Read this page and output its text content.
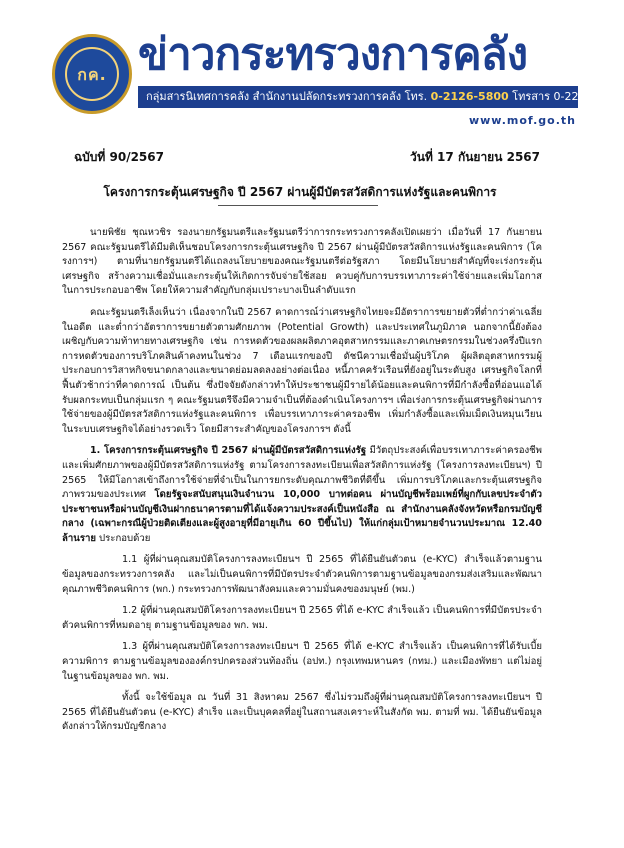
กค. ข่าวกระทรวงการคลัง
กลุ่มสารนิเทศการคลัง สำนักงานปลัดกระทรวงการคลัง โทร. 0-2126-5800 โทรสาร 0-2273-9763
www.mof.go.th
ฉบับที่ 90/2567	วันที่ 17 กันยายน 2567
โครงการกระตุ้นเศรษฐกิจ ปี 2567 ผ่านผู้มีบัตรสวัสดิการแห่งรัฐและคนพิการ

นายพิชัย ชุณหวชิร รองนายกรัฐมนตรีและรัฐมนตรีว่าการกระทรวงการคลังเปิดเผยว่า เมื่อวันที่ 17 กันยายน 2567 คณะรัฐมนตรีได้มีมติเห็นชอบโครงการกระตุ้นเศรษฐกิจ ปี 2567 ผ่านผู้มีบัตรสวัสดิการแห่งรัฐและคนพิการ (โครงการฯ) ตามที่นายกรัฐมนตรีได้แถลงนโยบายของคณะรัฐมนตรีต่อรัฐสภา โดยมีนโยบายสำคัญที่จะเร่งกระตุ้นเศรษฐกิจ สร้างความเชื่อมั่นและกระตุ้นให้เกิดการจับจ่ายใช้สอย ควบคู่กับการบรรเทาภาระค่าใช้จ่ายและเพิ่มโอกาสในการประกอบอาชีพ โดยให้ความสำคัญกับกลุ่มเปราะบางเป็นลำดับแรก

คณะรัฐมนตรีเล็งเห็นว่า เนื่องจากในปี 2567 คาดการณ์ว่าเศรษฐกิจไทยจะมีอัตราการขยายตัวที่ต่ำกว่าค่าเฉลี่ยในอดีต และต่ำกว่าอัตราการขยายตัวตามศักยภาพ (Potential Growth) และประเทศในภูมิภาค นอกจากนี้ยังต้องเผชิญกับความท้าทายทางเศรษฐกิจ เช่น การหดตัวของผลผลิตภาคอุตสาหกรรมและภาคเกษตรกรรมในช่วงครึ่งปีแรก การหดตัวของการบริโภคสินค้าคงทนในช่วง 7 เดือนแรกของปี ดัชนีความเชื่อมั่นผู้บริโภค ผู้ผลิตอุตสาหกรรมผู้ประกอบการวิสาหกิจขนาดกลางและขนาดย่อมลดลงอย่างต่อเนื่อง หนี้ภาคครัวเรือนที่ยังอยู่ในระดับสูง เศรษฐกิจโลกที่ฟื้นตัวช้ากว่าที่คาดการณ์ เป็นต้น ซึ่งปัจจัยดังกล่าวทำให้ประชาชนผู้มีรายได้น้อยและคนพิการที่มีกำลังซื้อที่อ่อนแอได้รับผลกระทบเป็นกลุ่มแรก ๆ คณะรัฐมนตรีจึงมีความจำเป็นที่ต้องดำเนินโครงการฯ เพื่อเร่งการกระตุ้นเศรษฐกิจผ่านการใช้จ่ายของผู้มีบัตรสวัสดิการแห่งรัฐและคนพิการ เพื่อบรรเทาภาระค่าครองชีพ เพิ่มกำลังซื้อและเพิ่มเม็ดเงินหมุนเวียนในระบบเศรษฐกิจได้อย่างรวดเร็ว โดยมีสาระสำคัญของโครงการฯ ดังนี้

1. โครงการกระตุ้นเศรษฐกิจ ปี 2567 ผ่านผู้มีบัตรสวัสดิการแห่งรัฐ มีวัตถุประสงค์เพื่อบรรเทาภาระค่าครองชีพและเพิ่มศักยภาพของผู้มีบัตรสวัสดิการแห่งรัฐ ตามโครงการลงทะเบียนเพื่อสวัสดิการแห่งรัฐ (โครงการลงทะเบียนฯ) ปี 2565 ให้มีโอกาสเข้าถึงการใช้จ่ายที่จำเป็นในการยกระดับคุณภาพชีวิตที่ดีขึ้น เพิ่มการบริโภคและกระตุ้นเศรษฐกิจภาพรวมของประเทศ โดยรัฐจะสนับสนุนเงินจำนวน 10,000 บาทต่อคน ผ่านบัญชีพร้อมเพย์ที่ผูกกับเลขประจำตัวประชาชนหรือผ่านบัญชีเงินฝากธนาคารตามที่ได้แจ้งความประสงค์เป็นหนังสือ ณ สำนักงานคลังจังหวัดหรือกรมบัญชีกลาง (เฉพาะกรณีผู้ป่วยติดเตียงและผู้สูงอายุที่มีอายุเกิน 60 ปีขึ้นไป) ให้แก่กลุ่มเป้าหมายจำนวนประมาณ 12.40 ล้านราย ประกอบด้วย

1.1 ผู้ที่ผ่านคุณสมบัติโครงการลงทะเบียนฯ ปี 2565 ที่ได้ยืนยันตัวตน (e-KYC) สำเร็จแล้วตามฐานข้อมูลของกระทรวงการคลัง และไม่เป็นคนพิการที่มีบัตรประจำตัวคนพิการตามฐานข้อมูลของกรมส่งเสริมและพัฒนาคุณภาพชีวิตคนพิการ (พก.) กระทรวงการพัฒนาสังคมและความมั่นคงของมนุษย์ (พม.)

1.2 ผู้ที่ผ่านคุณสมบัติโครงการลงทะเบียนฯ ปี 2565 ที่ได้ e-KYC สำเร็จแล้ว เป็นคนพิการที่มีบัตรประจำตัวคนพิการที่หมดอายุ ตามฐานข้อมูลของ พก. พม.

1.3 ผู้ที่ผ่านคุณสมบัติโครงการลงทะเบียนฯ ปี 2565 ที่ได้ e-KYC สำเร็จแล้ว เป็นคนพิการที่ได้รับเบี้ยความพิการ ตามฐานข้อมูลขององค์กรปกครองส่วนท้องถิ่น (อปท.) กรุงเทพมหานคร (กทม.) และเมืองพัทยา แต่ไม่อยู่ในฐานข้อมูลของ พก. พม.

ทั้งนี้ จะใช้ข้อมูล ณ วันที่ 31 สิงหาคม 2567 ซึ่งไม่รวมถึงผู้ที่ผ่านคุณสมบัติโครงการลงทะเบียนฯ ปี 2565 ที่ได้ยืนยันตัวตน (e-KYC) สำเร็จ และเป็นบุคคลที่อยู่ในสถานสงเคราะห์ในสังกัด พม. ตามที่ พม. ได้ยืนยันข้อมูลดังกล่าวให้กรมบัญชีกลาง
